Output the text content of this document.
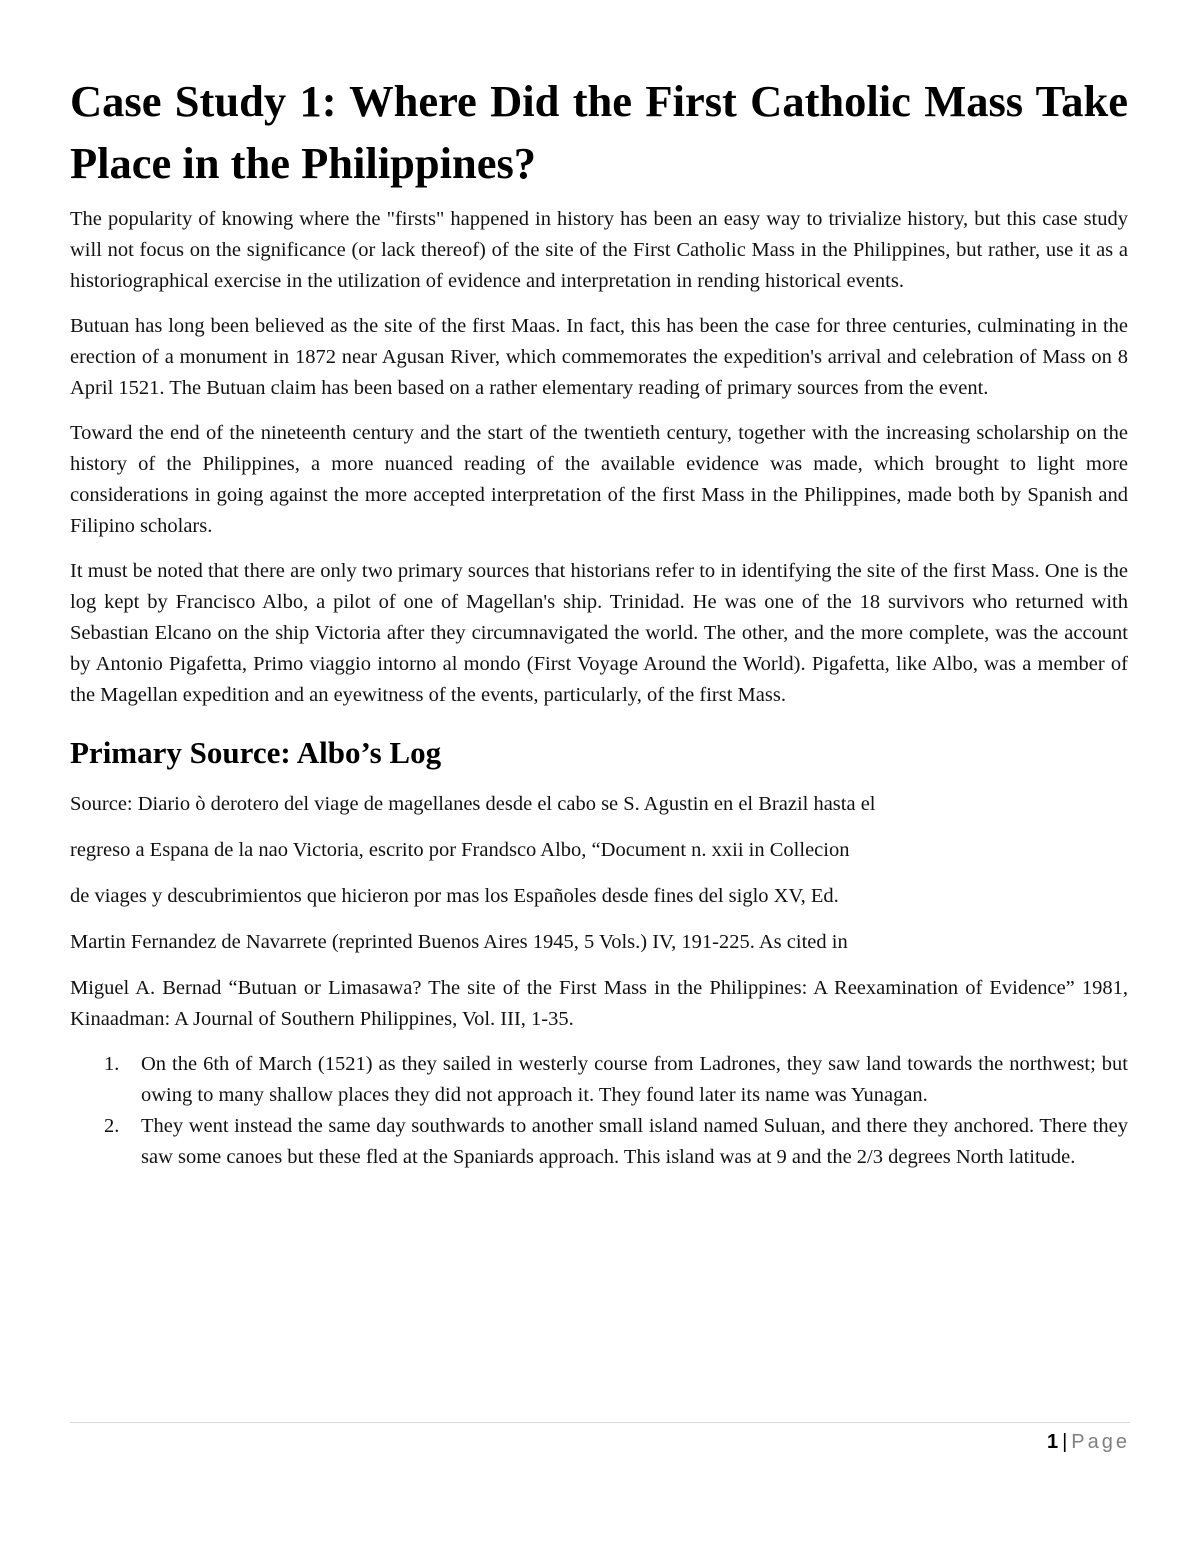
Case Study 1: Where Did the First Catholic Mass Take Place in the Philippines?

The popularity of knowing where the "firsts" happened in history has been an easy way to trivialize history, but this case study will not focus on the significance (or lack thereof) of the site of the First Catholic Mass in the Philippines, but rather, use it as a historiographical exercise in the utilization of evidence and interpretation in rending historical events.

Butuan has long been believed as the site of the first Maas. In fact, this has been the case for three centuries, culminating in the erection of a monument in 1872 near Agusan River, which commemorates the expedition's arrival and celebration of Mass on 8 April 1521. The Butuan claim has been based on a rather elementary reading of primary sources from the event.

Toward the end of the nineteenth century and the start of the twentieth century, together with the increasing scholarship on the history of the Philippines, a more nuanced reading of the available evidence was made, which brought to light more considerations in going against the more accepted interpretation of the first Mass in the Philippines, made both by Spanish and Filipino scholars.

It must be noted that there are only two primary sources that historians refer to in identifying the site of the first Mass. One is the log kept by Francisco Albo, a pilot of one of Magellan's ship. Trinidad. He was one of the 18 survivors who returned with Sebastian Elcano on the ship Victoria after they circumnavigated the world. The other, and the more complete, was the account by Antonio Pigafetta, Primo viaggio intorno al mondo (First Voyage Around the World). Pigafetta, like Albo, was a member of the Magellan expedition and an eyewitness of the events, particularly, of the first Mass.

Primary Source: Albo’s Log

Source: Diario ò derotero del viage de magellanes desde el cabo se S. Agustin en el Brazil hasta el

regreso a Espana de la nao Victoria, escrito por Frandsco Albo, “Document n. xxii in Collecion

de viages y descubrimientos que hicieron por mas los Españoles desde fines del siglo XV, Ed.

Martin Fernandez de Navarrete (reprinted Buenos Aires 1945, 5 Vols.) IV, 191-225. As cited in

Miguel A. Bernad “Butuan or Limasawa? The site of the First Mass in the Philippines: A Reexamination of Evidence” 1981, Kinaadman: A Journal of Southern Philippines, Vol. III, 1-35.

1. On the 6th of March (1521) as they sailed in westerly course from Ladrones, they saw land towards the northwest; but owing to many shallow places they did not approach it. They found later its name was Yunagan.
2. They went instead the same day southwards to another small island named Suluan, and there they anchored. There they saw some canoes but these fled at the Spaniards approach. This island was at 9 and the 2/3 degrees North latitude.
1 | Page
